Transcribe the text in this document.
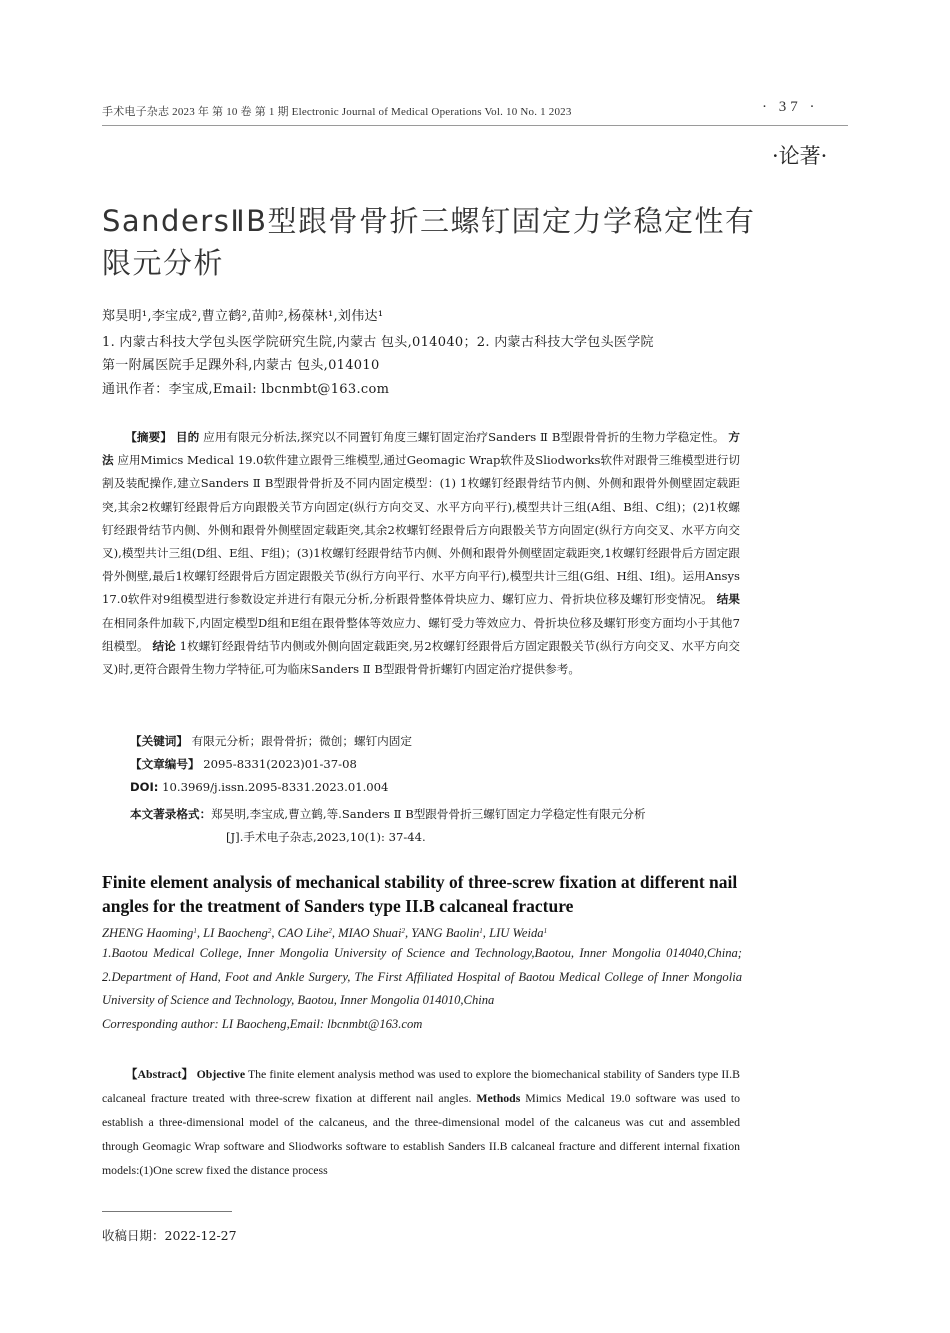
手术电子杂志 2023 年 第 10 卷 第 1 期 Electronic Journal of Medical Operations Vol. 10 No. 1 2023	· 37 ·
·论著·
SandersⅡB型跟骨骨折三螺钉固定力学稳定性有限元分析
郑昊明¹,李宝成²,曹立鹤²,苗帅²,杨葆林¹,刘伟达¹
1. 内蒙古科技大学包头医学院研究生院,内蒙古 包头,014040；2. 内蒙古科技大学包头医学院
第一附属医院手足踝外科,内蒙古 包头,014010
通讯作者：李宝成,Email: lbcnmbt@163.com

【摘要】 目的 应用有限元分析法,探究以不同置钉角度三螺钉固定治疗Sanders Ⅱ B型跟骨骨折的生物力学稳定性。 方法 应用Mimics Medical 19.0软件建立跟骨三维模型,通过Geomagic Wrap软件及Sliodworks软件对跟骨三维模型进行切割及装配操作,建立Sanders Ⅱ B型跟骨骨折及不同内固定模型：(1) 1枚螺钉经跟骨结节内侧、外侧和跟骨外侧壁固定载距突,其余2枚螺钉经跟骨后方向跟骰关节方向固定(纵行方向交叉、水平方向平行),模型共计三组(A组、B组、C组)；(2)1枚螺钉经跟骨结节内侧、外侧和跟骨外侧壁固定载距突,其余2枚螺钉经跟骨后方向跟骰关节方向固定(纵行方向交叉、水平方向交叉),模型共计三组(D组、E组、F组)；(3)1枚螺钉经跟骨结节内侧、外侧和跟骨外侧壁固定载距突,1枚螺钉经跟骨后方固定跟骨外侧壁,最后1枚螺钉经跟骨后方固定跟骰关节(纵行方向平行、水平方向平行),模型共计三组(G组、H组、I组)。运用Ansys 17.0软件对9组模型进行参数设定并进行有限元分析,分析跟骨整体骨块应力、螺钉应力、骨折块位移及螺钉形变情况。 结果 在相同条件加载下,内固定模型D组和E组在跟骨整体等效应力、螺钉受力等效应力、骨折块位移及螺钉形变方面均小于其他7组模型。 结论 1枚螺钉经跟骨结节内侧或外侧向固定载距突,另2枚螺钉经跟骨后方固定跟骰关节(纵行方向交叉、水平方向交叉)时,更符合跟骨生物力学特征,可为临床Sanders Ⅱ B型跟骨骨折螺钉内固定治疗提供参考。

【关键词】 有限元分析；跟骨骨折；微创；螺钉内固定
【文章编号】 2095-8331(2023)01-37-08
DOI: 10.3969/j.issn.2095-8331.2023.01.004
本文著录格式：郑昊明,李宝成,曹立鹤,等.Sanders Ⅱ B型跟骨骨折三螺钉固定力学稳定性有限元分析
[J].手术电子杂志,2023,10(1): 37-44.
Finite element analysis of mechanical stability of three-screw fixation at different nail angles for the treatment of Sanders type II.B calcaneal fracture
ZHENG Haoming$^1$, LI Baocheng$^2$, CAO Lihe$^2$, MIAO Shuai$^2$, YANG Baolin$^1$, LIU Weida$^1$
1.Baotou Medical College, Inner Mongolia University of Science and Technology,Baotou, Inner Mongolia 014040,China; 2.Department of Hand, Foot and Ankle Surgery, The First Affiliated Hospital of Baotou Medical College of Inner Mongolia University of Science and Technology, Baotou, Inner Mongolia 014010,China
Corresponding author: LI Baocheng,Email: lbcnmbt@163.com

【Abstract】 Objective The finite element analysis method was used to explore the biomechanical stability of Sanders type II.B calcaneal fracture treated with three-screw fixation at different nail angles. Methods Mimics Medical 19.0 software was used to establish a three-dimensional model of the calcaneus, and the three-dimensional model of the calcaneus was cut and assembled through Geomagic Wrap software and Sliodworks software to establish Sanders II.B calcaneal fracture and different internal fixation models:(1)One screw fixed the distance process

收稿日期：2022-12-27
